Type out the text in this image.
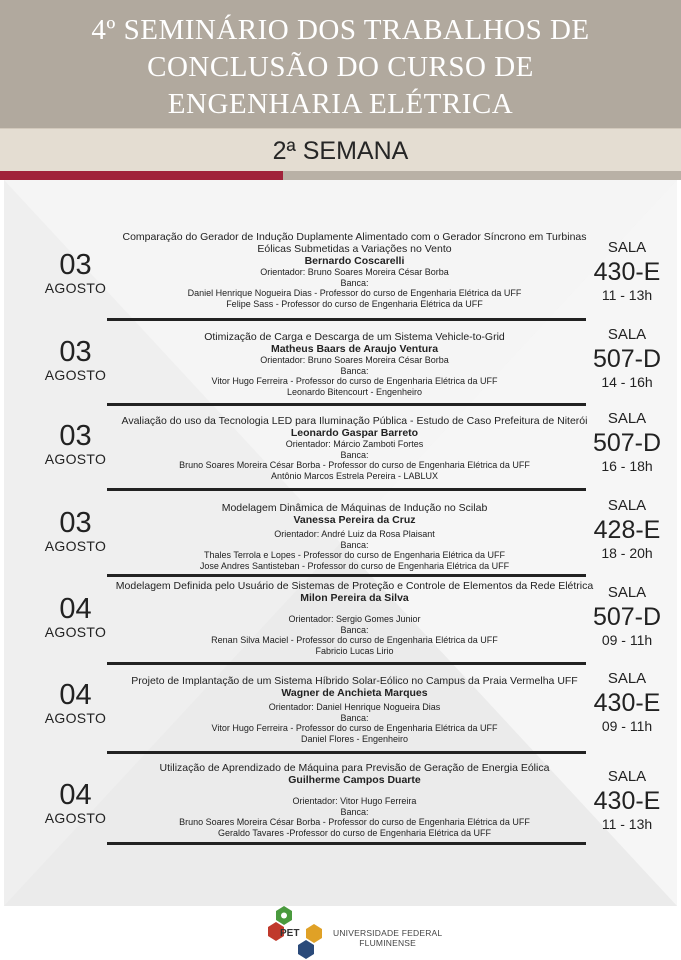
4º SEMINÁRIO DOS TRABALHOS DE
CONCLUSÃO DO CURSO DE
ENGENHARIA ELÉTRICA
2ª SEMANA
03
AGOSTO
Comparação do Gerador de Indução Duplamente Alimentado com o Gerador Síncrono em Turbinas Eólicas Submetidas a Variações no Vento
Bernardo Coscarelli
Orientador: Bruno Soares Moreira César Borba
Banca:
Daniel Henrique Nogueira Dias - Professor do curso de Engenharia Elétrica da UFF
Felipe Sass - Professor do curso de Engenharia Elétrica da UFF
SALA
430-E
11 - 13h
03
AGOSTO
Otimização de Carga e Descarga de um Sistema Vehicle-to-Grid
Matheus Baars de Araujo Ventura
Orientador: Bruno Soares Moreira César Borba
Banca:
Vitor Hugo Ferreira - Professor do curso de Engenharia Elétrica da UFF
Leonardo Bitencourt - Engenheiro
SALA
507-D
14 - 16h
03
AGOSTO
Avaliação do uso da Tecnologia LED para Iluminação Pública - Estudo de Caso Prefeitura de Niterói
Leonardo Gaspar Barreto
Orientador: Márcio Zamboti Fortes
Banca:
Bruno Soares Moreira César Borba - Professor do curso de Engenharia Elétrica da UFF
Antônio Marcos Estrela Pereira - LABLUX
SALA
507-D
16 - 18h
03
AGOSTO
Modelagem Dinâmica de Máquinas de Indução no Scilab
Vanessa Pereira da Cruz
Orientador: André Luiz da Rosa Plaisant
Banca:
Thales Terrola e Lopes - Professor do curso de Engenharia Elétrica da UFF
Jose Andres Santisteban - Professor do curso de Engenharia Elétrica da UFF
SALA
428-E
18 - 20h
04
AGOSTO
Modelagem Definida pelo Usuário de Sistemas de Proteção e Controle de Elementos da Rede Elétrica
Milon Pereira da Silva
Orientador: Sergio Gomes Junior
Banca:
Renan Silva Maciel - Professor do curso de Engenharia Elétrica da UFF
Fabricio Lucas Lirio
SALA
507-D
09 - 11h
04
AGOSTO
Projeto de Implantação de um Sistema Híbrido Solar-Eólico no Campus da Praia Vermelha UFF
Wagner de Anchieta Marques
Orientador: Daniel Henrique Nogueira Dias
Banca:
Vitor Hugo Ferreira - Professor do curso de Engenharia Elétrica da UFF
Daniel Flores - Engenheiro
SALA
430-E
09 - 11h
04
AGOSTO
Utilização de Aprendizado de Máquina para Previsão de Geração de Energia Eólica
Guilherme Campos Duarte
Orientador: Vitor Hugo Ferreira
Banca:
Bruno Soares Moreira César Borba - Professor do curso de Engenharia Elétrica da UFF
Geraldo Tavares -Professor do curso de Engenharia Elétrica da UFF
SALA
430-E
11 - 13h
PET	UNIVERSIDADE FEDERAL
FLUMINENSE
